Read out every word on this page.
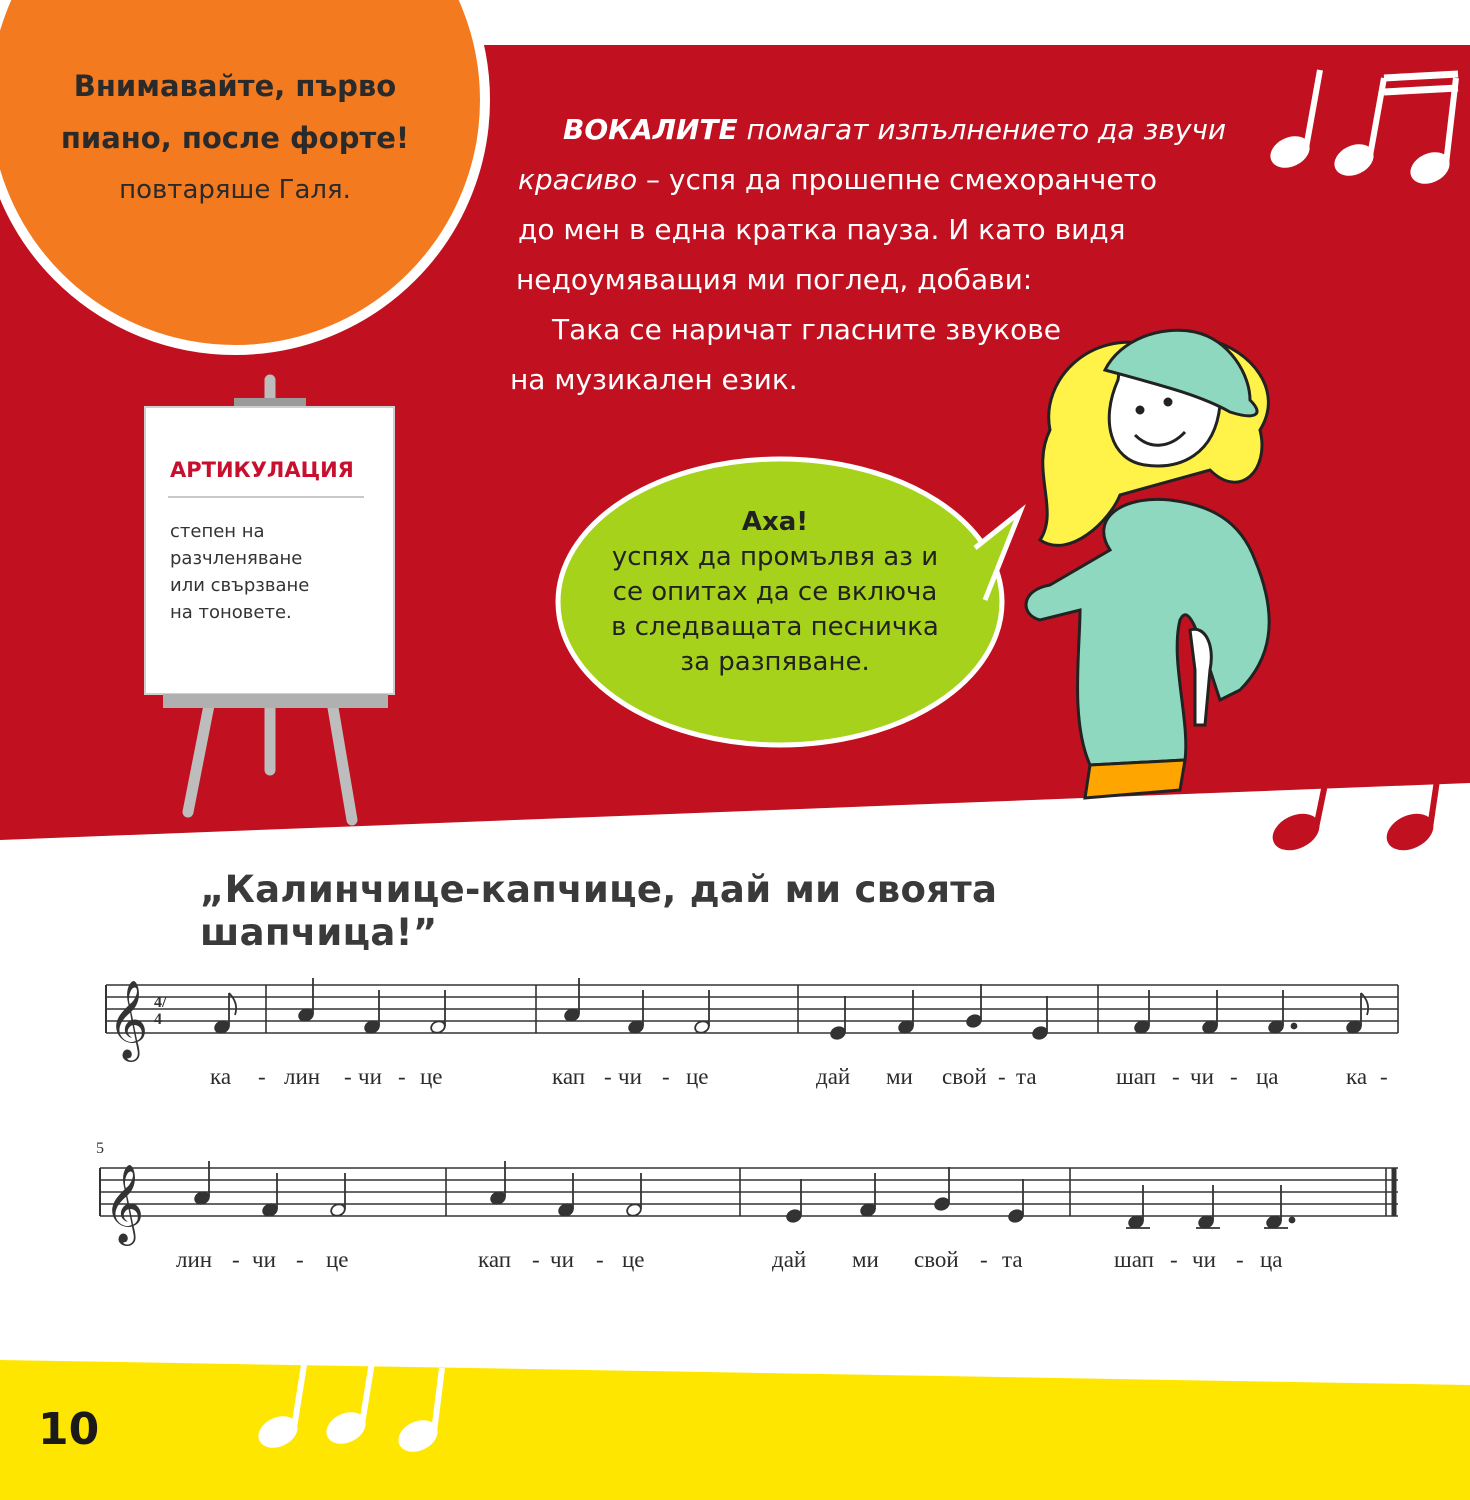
𝄞
𝄞
4/4
5
Внимавайте, първо
пиано, после форте!
повтаряше Галя.
ВОКАЛИТЕ помагат изпълнението да звучи
красиво – успя да прошепне смехоранчето
до мен в една кратка пауза. И като видя
недоумяващия ми поглед, добави:
Така се наричат гласните звукове
на музикален език.
АРТИКУЛАЦИЯ
степен на
разчленяване
или свързване
на тоновете.
Аха!
успях да промълвя аз и
се опитах да се включа
в следващата песничка
за разпяване.
„Калинчице-капчице, дай ми своята шапчица!”
ка - лин - чи - це	кап - чи - це	дай ми свой - та	шап - чи - ца	ка -
лин - чи - це	кап - чи - це	дай ми свой - та	шап - чи - ца
10
